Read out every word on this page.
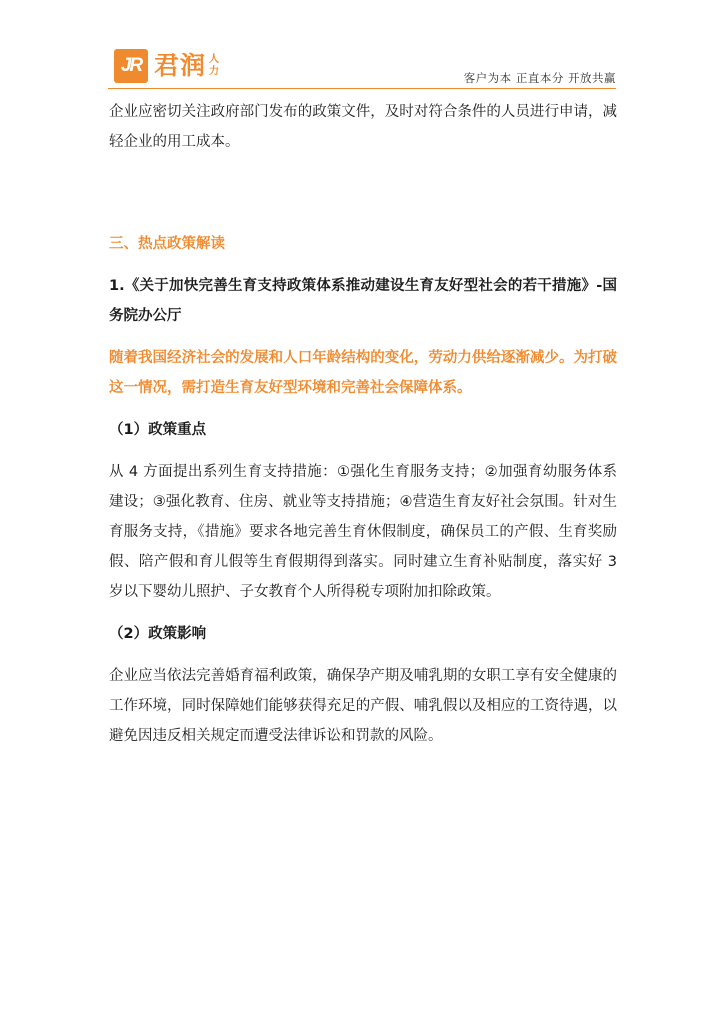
JR 君润 人
力	客户为本 正直本分 开放共赢

企业应密切关注政府部门发布的政策文件，及时对符合条件的人员进行申请，减轻企业的用工成本。

三、热点政策解读

1.《关于加快完善生育支持政策体系推动建设生育友好型社会的若干措施》-国务院办公厅

随着我国经济社会的发展和人口年龄结构的变化，劳动力供给逐渐减少。为打破这一情况，需打造生育友好型环境和完善社会保障体系。

（1）政策重点

从 4 方面提出系列生育支持措施：①强化生育服务支持；②加强育幼服务体系建设；③强化教育、住房、就业等支持措施；④营造生育友好社会氛围。针对生育服务支持，《措施》要求各地完善生育休假制度，确保员工的产假、生育奖励假、陪产假和育儿假等生育假期得到落实。同时建立生育补贴制度，落实好 3 岁以下婴幼儿照护、子女教育个人所得税专项附加扣除政策。

（2）政策影响

企业应当依法完善婚育福利政策，确保孕产期及哺乳期的女职工享有安全健康的工作环境，同时保障她们能够获得充足的产假、哺乳假以及相应的工资待遇，以避免因违反相关规定而遭受法律诉讼和罚款的风险。
